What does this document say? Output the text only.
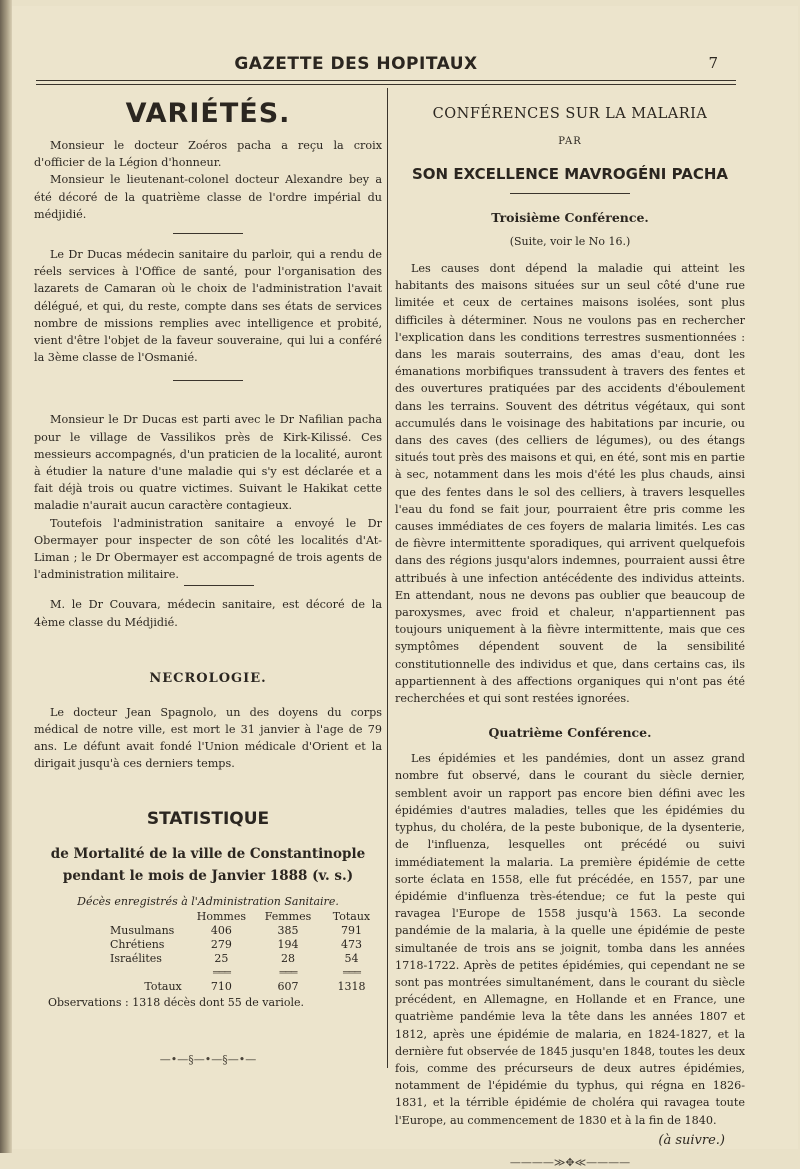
GAZETTE DES HOPITAUX	7
VARIÉTÉS.

Monsieur le docteur Zoéros pacha a reçu la croix d'officier de la Légion d'honneur.

Monsieur le lieutenant-colonel docteur Alexandre bey a été décoré de la quatrième classe de l'ordre impérial du médjidié.

Le Dr Ducas médecin sanitaire du parloir, qui a rendu de réels services à l'Office de santé, pour l'organisation des lazarets de Camaran où le choix de l'administration l'avait délégué, et qui, du reste, compte dans ses états de services nombre de missions remplies avec intelligence et probité, vient d'être l'objet de la faveur souveraine, qui lui a conféré la 3ème classe de l'Osmanié.

Monsieur le Dr Ducas est parti avec le Dr Nafilian pacha pour le village de Vassilikos près de Kirk-Kilissé. Ces messieurs accompagnés, d'un praticien de la localité, auront à étudier la nature d'une maladie qui s'y est déclarée et a fait déjà trois ou quatre victimes. Suivant le Hakikat cette maladie n'aurait aucun caractère contagieux.

Toutefois l'administration sanitaire a envoyé le Dr Obermayer pour inspecter de son côté les localités d'At-Liman ; le Dr Obermayer est accompagné de trois agents de l'administration militaire.

M. le Dr Couvara, médecin sanitaire, est décoré de la 4ème classe du Médjidié.

NECROLOGIE.

Le docteur Jean Spagnolo, un des doyens du corps médical de notre ville, est mort le 31 janvier à l'age de 79 ans. Le défunt avait fondé l'Union médicale d'Orient et la dirigait jusqu'à ces derniers temps.

STATISTIQUE
de Mortalité de la ville de Constantinople pendant le mois de Janvier 1888 (v. s.)
Décès enregistrés à l'Administration Sanitaire.
	Hommes	Femmes	Totaux
Musulmans	406	385	791
Chrétiens	279	194	473
Israélites	25	28	54
	═══	═══	═══
Totaux	710	607	1318
Observations : 1318 décès dont 55 de variole.
—•—§—•—§—•—
CONFÉRENCES SUR LA MALARIA
PAR
SON EXCELLENCE MAVROGÉNI PACHA
Troisième Conférence.
(Suite, voir le No 16.)

Les causes dont dépend la maladie qui atteint les habitants des maisons situées sur un seul côté d'une rue limitée et ceux de certaines maisons isolées, sont plus difficiles à déterminer. Nous ne voulons pas en rechercher l'explication dans les conditions terrestres susmentionnées : dans les marais souterrains, des amas d'eau, dont les émanations morbifiques transsudent à travers des fentes et des ouvertures pratiquées par des accidents d'éboulement dans les terrains. Souvent des détritus végétaux, qui sont accumulés dans le voisinage des habitations par incurie, ou dans des caves (des celliers de légumes), ou des étangs situés tout près des maisons et qui, en été, sont mis en partie à sec, notamment dans les mois d'été les plus chauds, ainsi que des fentes dans le sol des celliers, à travers lesquelles l'eau du fond se fait jour, pourraient être pris comme les causes immédiates de ces foyers de malaria limités. Les cas de fièvre intermittente sporadiques, qui arrivent quelquefois dans des régions jusqu'alors indemnes, pourraient aussi être attribués à une infection antécédente des individus atteints. En attendant, nous ne devons pas oublier que beaucoup de paroxysmes, avec froid et chaleur, n'appartiennent pas toujours uniquement à la fièvre intermittente, mais que ces symptômes dépendent souvent de la sensibilité constitutionnelle des individus et que, dans certains cas, ils appartiennent à des affections organiques qui n'ont pas été recherchées et qui sont restées ignorées.

Quatrième Conférence.

Les épidémies et les pandémies, dont un assez grand nombre fut observé, dans le courant du siècle dernier, semblent avoir un rapport pas encore bien défini avec les épidémies d'autres maladies, telles que les épidémies du typhus, du choléra, de la peste bubonique, de la dysenterie, de l'influenza, lesquelles ont précédé ou suivi immédiatement la malaria. La première épidémie de cette sorte éclata en 1558, elle fut précédée, en 1557, par une épidémie d'influenza très-étendue; ce fut la peste qui ravagea l'Europe de 1558 jusqu'à 1563. La seconde pandémie de la malaria, à la quelle une épidémie de peste simultanée de trois ans se joignit, tomba dans les années 1718-1722. Après de petites épidémies, qui cependant ne se sont pas montrées simultanément, dans le courant du siècle précédent, en Allemagne, en Hollande et en France, une quatrième pandémie leva la tête dans les années 1807 et 1812, après une épidémie de malaria, en 1824-1827, et la dernière fut observée de 1845 jusqu'en 1848, toutes les deux fois, comme des précurseurs de deux autres épidémies, notamment de l'épidémie du typhus, qui régna en 1826-1831, et la térrible épidémie de choléra qui ravagea toute l'Europe, au commencement de 1830 et à la fin de 1840.

(à suivre.)
————≫✥≪————
